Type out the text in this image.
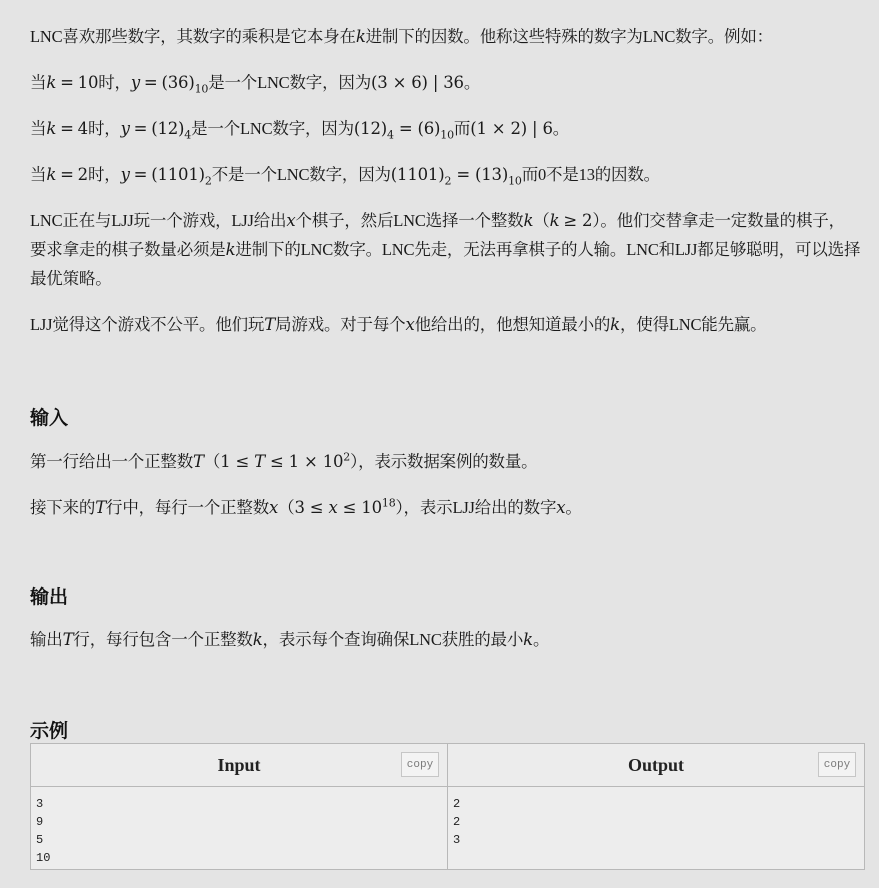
LNC喜欢那些数字，其数字的乘积是它本身在k进制下的因数。他称这些特殊的数字为LNC数字。例如：

当k = 10时，$y = (36)_{10}$是一个LNC数字，因为(3 × 6) | 36。

当k = 4时，$y = (12)_4$是一个LNC数字，因为$(12)_4 = (6)_{10}$而(1 × 2) | 6。

当k = 2时，$y = (1101)_2$不是一个LNC数字，因为$(1101)_2 = (13)_{10}$而0不是13的因数。

LNC正在与LJJ玩一个游戏，LJJ给出x个棋子，然后LNC选择一个整数k（k ≥ 2）。他们交替拿走一定数量的棋子，要求拿走的棋子数量必须是k进制下的LNC数字。LNC先走，无法再拿棋子的人输。LNC和LJJ都足够聪明，可以选择最优策略。

LJJ觉得这个游戏不公平。他们玩T局游戏。对于每个x他给出的，他想知道最小的k，使得LNC能先赢。

输入

第一行给出一个正整数$T(1 \le T \le 1 \times 10^2)$，表示数据案例的数量。

接下来的T行中，每行一个正整数$x(3 \le x \le 10^{18})$，表示LJJ给出的数字x。

输出

输出T行，每行包含一个正整数k，表示每个查询确保LNC获胜的最小k。

示例
Input	copy
3
9
5
10
Output	copy
2
2
3
